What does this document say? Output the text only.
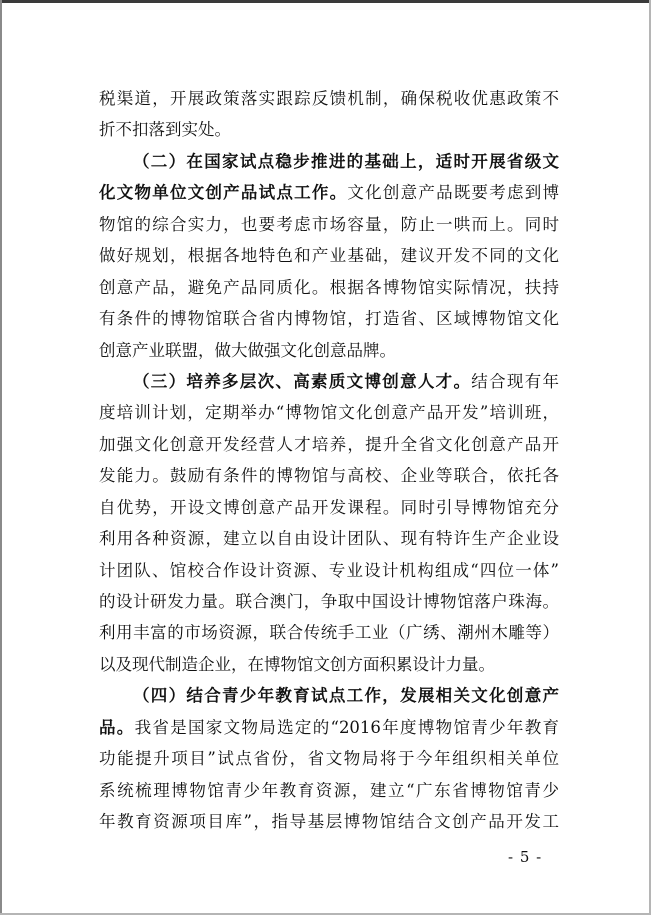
税渠道，开展政策落实跟踪反馈机制，确保税收优惠政策不
折不扣落到实处。
（二）在国家试点稳步推进的基础上，适时开展省级文
化文物单位文创产品试点工作。文化创意产品既要考虑到博
物馆的综合实力，也要考虑市场容量，防止一哄而上。同时
做好规划，根据各地特色和产业基础，建议开发不同的文化
创意产品，避免产品同质化。根据各博物馆实际情况，扶持
有条件的博物馆联合省内博物馆，打造省、区域博物馆文化
创意产业联盟，做大做强文化创意品牌。
（三）培养多层次、高素质文博创意人才。结合现有年
度培训计划，定期举办“博物馆文化创意产品开发”培训班，
加强文化创意开发经营人才培养，提升全省文化创意产品开
发能力。鼓励有条件的博物馆与高校、企业等联合，依托各
自优势，开设文博创意产品开发课程。同时引导博物馆充分
利用各种资源，建立以自由设计团队、现有特许生产企业设
计团队、馆校合作设计资源、专业设计机构组成“四位一体”
的设计研发力量。联合澳门，争取中国设计博物馆落户珠海。
利用丰富的市场资源，联合传统手工业（广绣、潮州木雕等）
以及现代制造企业，在博物馆文创方面积累设计力量。
（四）结合青少年教育试点工作，发展相关文化创意产
品。我省是国家文物局选定的“2016年度博物馆青少年教育
功能提升项目”试点省份，省文物局将于今年组织相关单位
系统梳理博物馆青少年教育资源，建立“广东省博物馆青少
年教育资源项目库”，指导基层博物馆结合文创产品开发工
- 5 -
